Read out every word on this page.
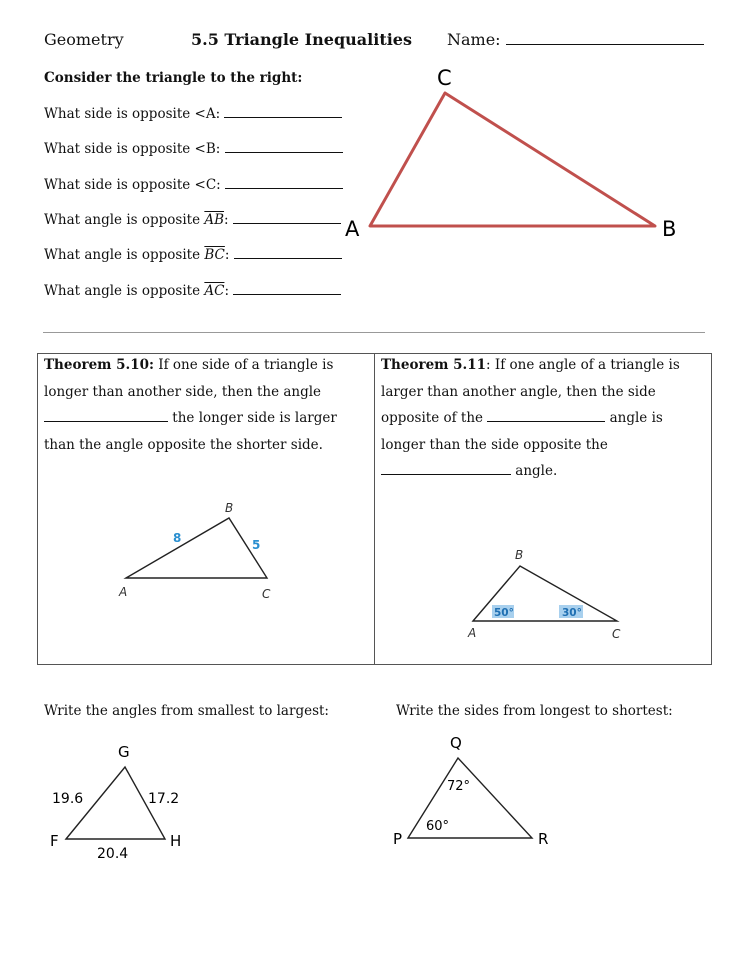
Geometry	5.5 Triangle Inequalities Name:
Consider the triangle to the right:
What side is opposite <A:
What side is opposite <B:
What side is opposite <C:
What angle is opposite $\overline{AB}$:
What angle is opposite $\overline{BC}$:
What angle is opposite $\overline{AC}$:
C
A	B
Theorem 5.10: If one side of a triangle is longer than another side, then the angle  the longer side is larger than the angle opposite the shorter side.
Theorem 5.11: If one angle of a triangle is larger than another angle, then the side opposite of the	angle is longer than the side opposite the  angle.
B
A	C
8	5
50°	30°
B
A	C
Write the angles from smallest to largest:	Write the sides from longest to shortest:
G
F	H
19.6	17.2
20.4
Q
P	R
72°
60°
